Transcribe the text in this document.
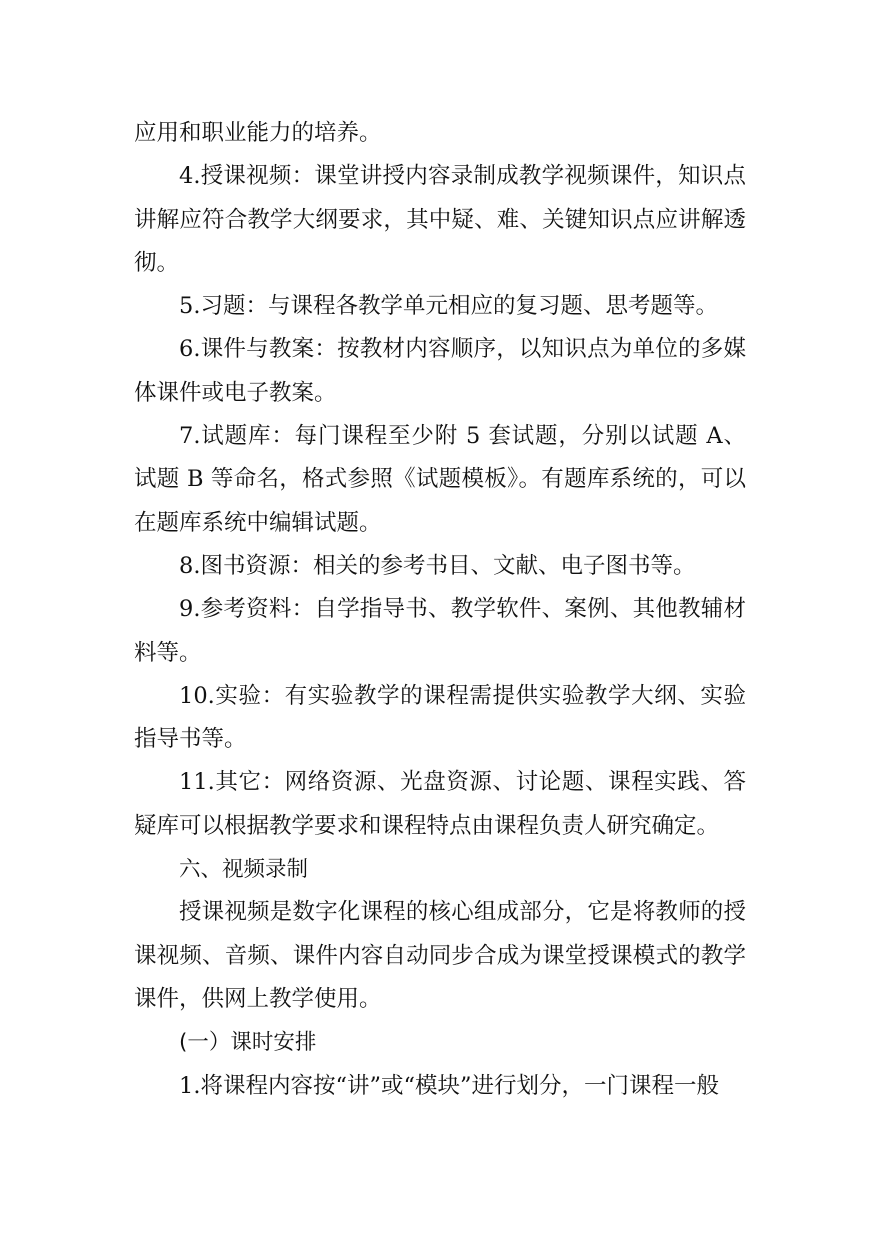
应用和职业能力的培养。

4.授课视频：课堂讲授内容录制成教学视频课件，知识点讲解应符合教学大纲要求，其中疑、难、关键知识点应讲解透彻。

5.习题：与课程各教学单元相应的复习题、思考题等。

6.课件与教案：按教材内容顺序，以知识点为单位的多媒体课件或电子教案。

7.试题库：每门课程至少附 5 套试题，分别以试题 A、试题 B 等命名，格式参照《试题模板》。有题库系统的，可以在题库系统中编辑试题。

8.图书资源：相关的参考书目、文献、电子图书等。

9.参考资料：自学指导书、教学软件、案例、其他教辅材料等。

10.实验：有实验教学的课程需提供实验教学大纲、实验指导书等。

11.其它：网络资源、光盘资源、讨论题、课程实践、答疑库可以根据教学要求和课程特点由课程负责人研究确定。

六、视频录制

授课视频是数字化课程的核心组成部分，它是将教师的授课视频、音频、课件内容自动同步合成为课堂授课模式的教学课件，供网上教学使用。

(一）课时安排

1.将课程内容按“讲”或“模块”进行划分，一门课程一般
